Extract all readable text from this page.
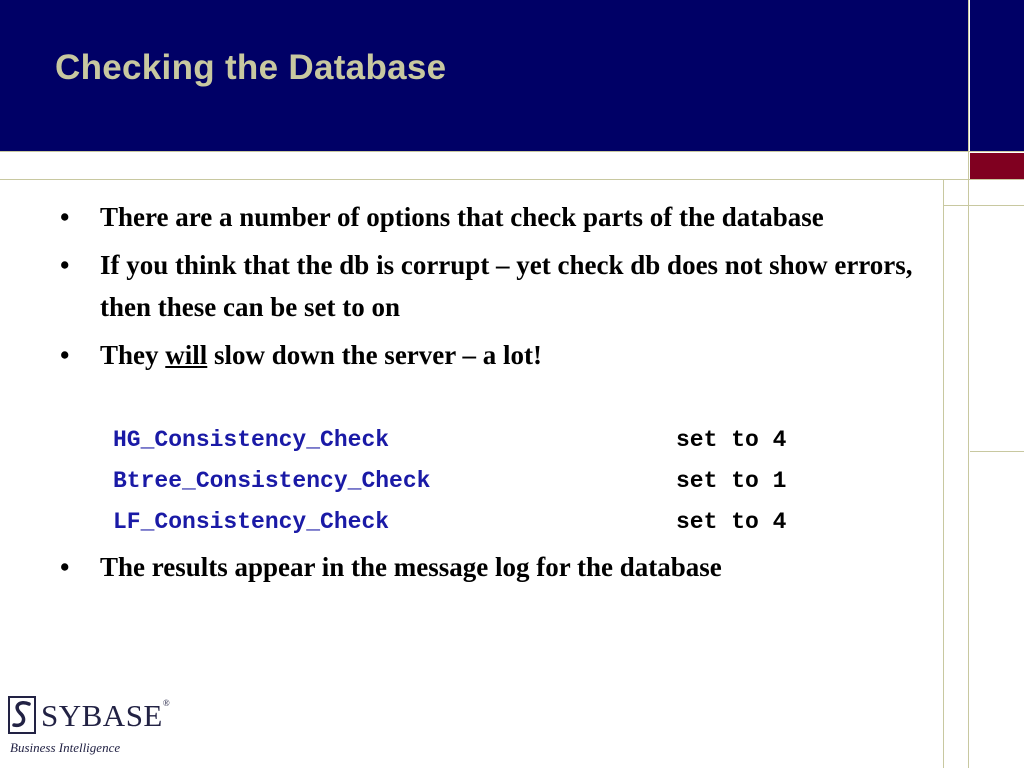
Checking the Database
• There are a number of options that check parts of the database
• If you think that the db is corrupt – yet check db does not show errors, then these can be set to on
• They will slow down the server – a lot!
HG_Consistency_Check	set to 4
Btree_Consistency_Check	set to 1
LF_Consistency_Check	set to 4
• The results appear in the message log for the database
SYBASE®
Business Intelligence
